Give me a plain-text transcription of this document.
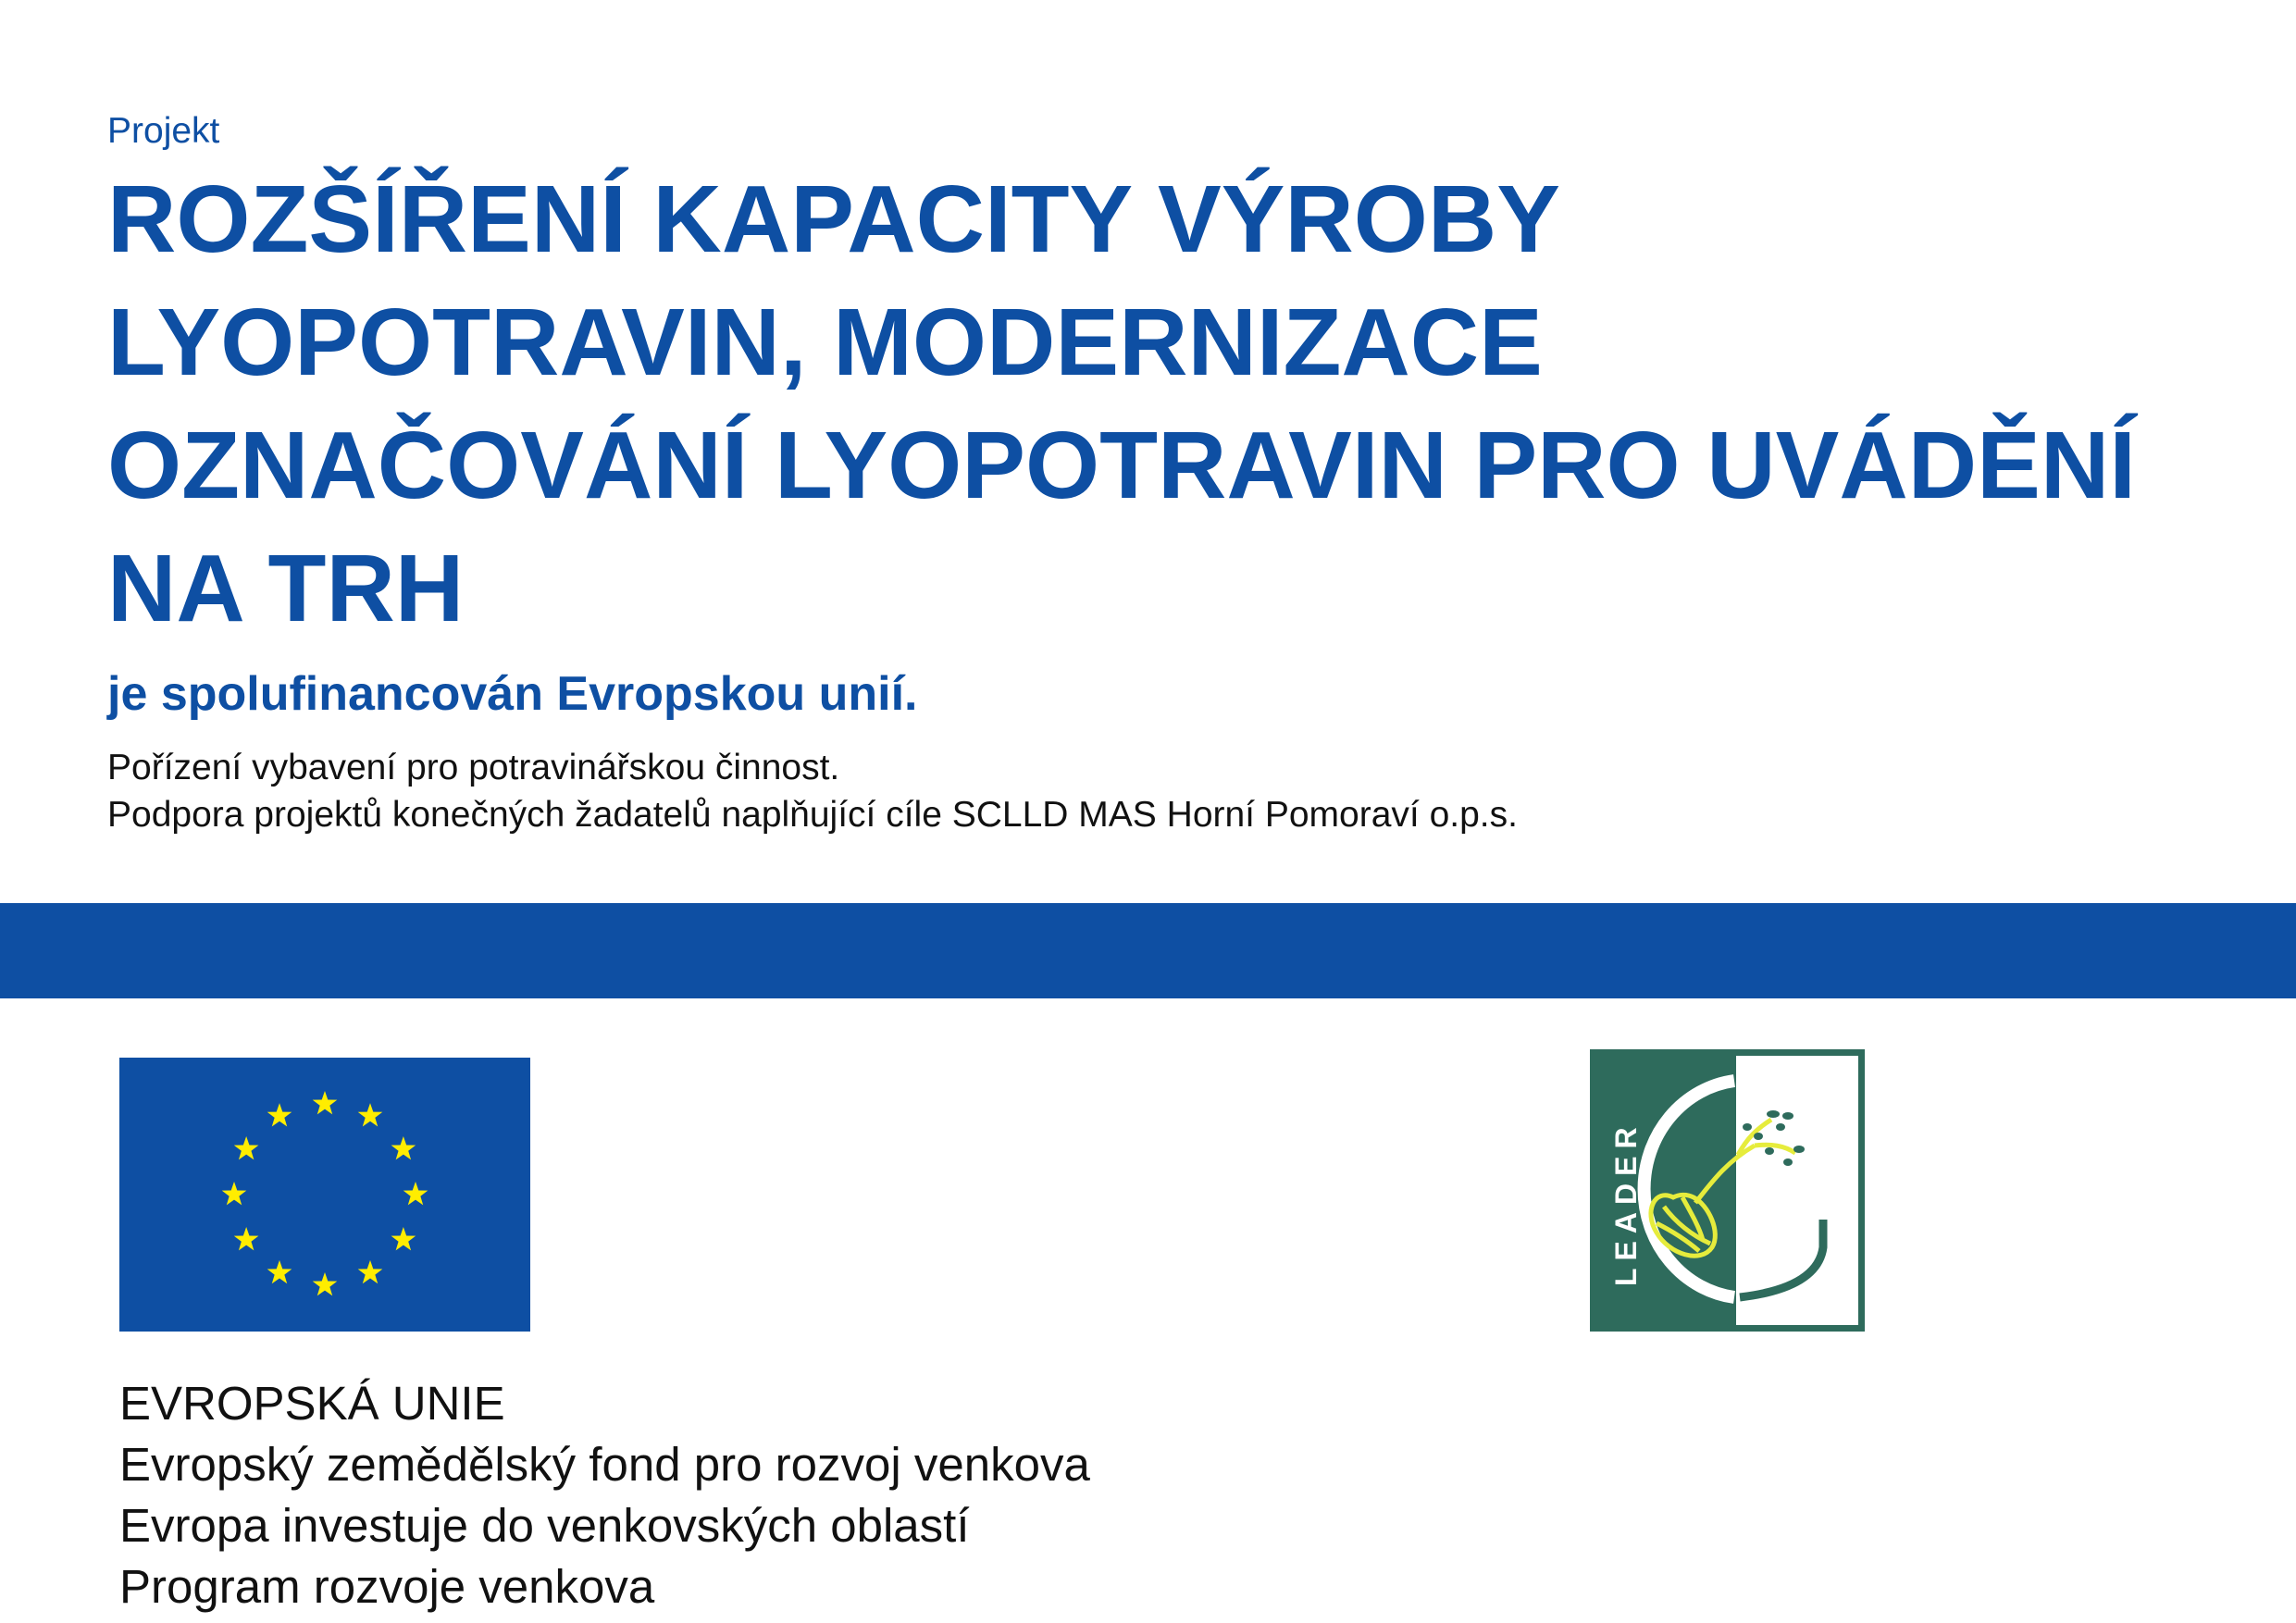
Projekt

ROZŠÍŘENÍ KAPACITY VÝROBY
LYOPOTRAVIN, MODERNIZACE
OZNAČOVÁNÍ LYOPOTRAVIN PRO UVÁDĚNÍ
NA TRH

je spolufinancován Evropskou unií.

Pořízení vybavení pro potravinářskou činnost.

Podpora projektů konečných žadatelů naplňující cíle SCLLD MAS Horní Pomoraví o.p.s.

LEADER
EVROPSKÁ UNIE
Evropský zemědělský fond pro rozvoj venkova
Evropa investuje do venkovských oblastí
Program rozvoje venkova
